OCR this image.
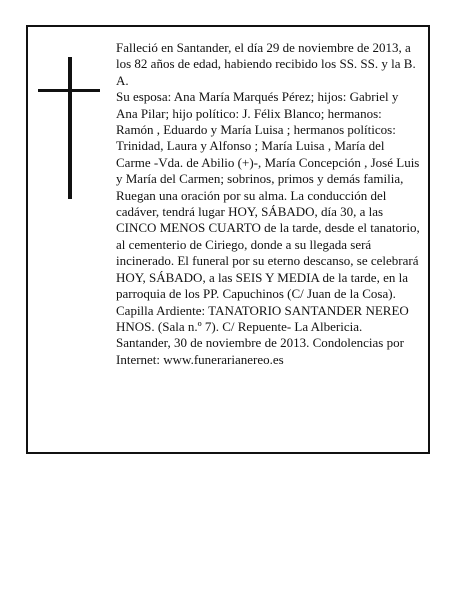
Falleció en Santander, el día 29 de noviembre de 2013, a los 82 años de edad, habiendo recibido los SS. SS. y la B. A.

Su esposa: Ana María Marqués Pérez; hijos: Gabriel y Ana Pilar; hijo político: J. Félix Blanco; hermanos: Ramón , Eduardo y María Luisa ; hermanos políticos: Trinidad, Laura y Alfonso ; María Luisa , María del Carme -Vda. de Abilio (+)-, María Concepción , José Luis y María del Carmen; sobrinos, primos y demás familia,

Ruegan una oración por su alma. La conducción del cadáver, tendrá lugar HOY, SÁBADO, día 30, a las CINCO MENOS CUARTO de la tarde, desde el tanatorio, al cementerio de Ciriego, donde a su llegada será incinerado. El funeral por su eterno descanso, se celebrará HOY, SÁBADO, a las SEIS Y MEDIA de la tarde, en la parroquia de los PP. Capuchinos (C/ Juan de la Cosa). Capilla Ardiente: TANATORIO SANTANDER NEREO HNOS. (Sala n.º 7). C/ Repuente- La Albericia.

Santander, 30 de noviembre de 2013. Condolencias por Internet: www.funerarianereo.es
